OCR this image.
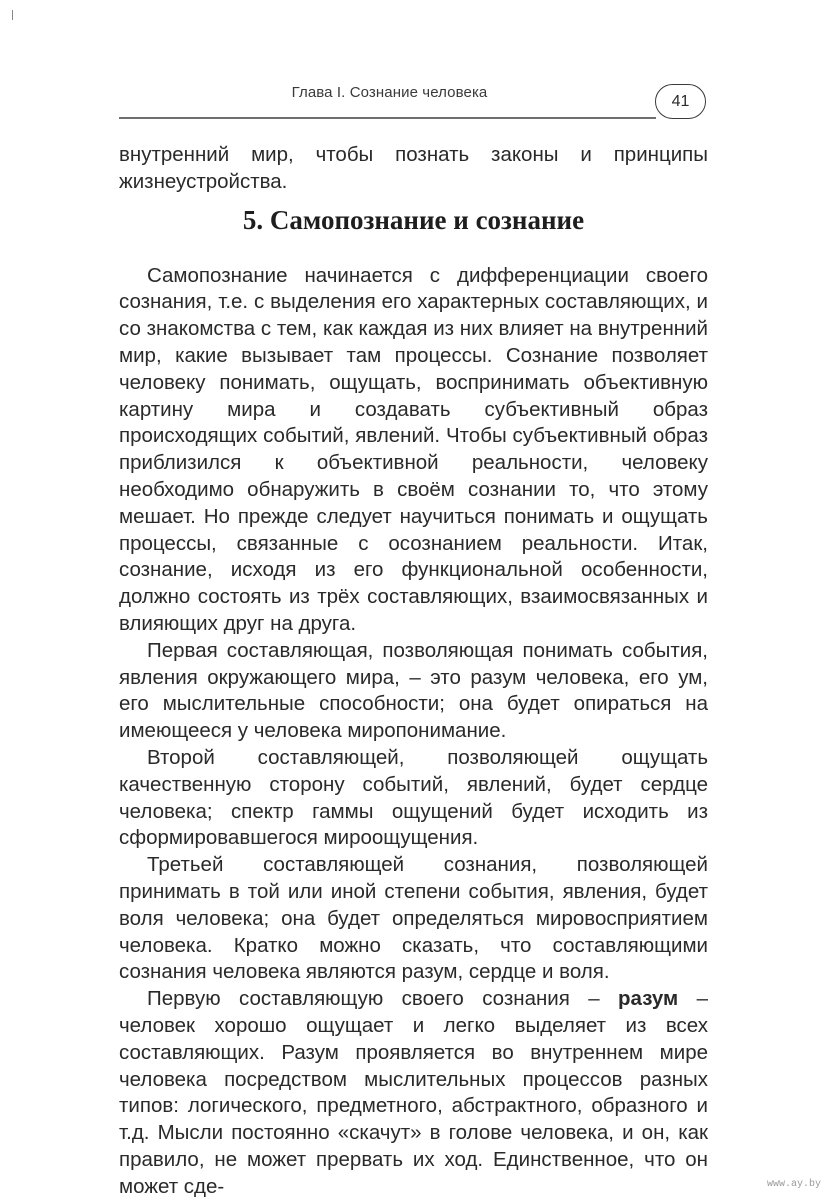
Глава I. Сознание человека	41

внутренний мир, чтобы познать законы и принципы жизнеустройства.

5. Самопознание и сознание

Самопознание начинается с дифференциации своего сознания, т.е. с выделения его характерных составляющих, и со знакомства с тем, как каждая из них влияет на внутренний мир, какие вызывает там процессы. Сознание позволяет человеку понимать, ощущать, воспринимать объективную картину мира и создавать субъективный образ происходящих событий, явлений. Чтобы субъективный образ приблизился к объективной реальности, человеку необходимо обнаружить в своём сознании то, что этому мешает. Но прежде следует научиться понимать и ощущать процессы, связанные с осознанием реальности. Итак, сознание, исходя из его функциональной особенности, должно состоять из трёх составляющих, взаимосвязанных и влияющих друг на друга.

Первая составляющая, позволяющая понимать события, явления окружающего мира, – это разум человека, его ум, его мыслительные способности; она будет опираться на имеющееся у человека миропонимание.

Второй составляющей, позволяющей ощущать качественную сторону событий, явлений, будет сердце человека; спектр гаммы ощущений будет исходить из сформировавшегося мироощущения.

Третьей составляющей сознания, позволяющей принимать в той или иной степени события, явления, будет воля человека; она будет определяться мировосприятием человека. Кратко можно сказать, что составляющими сознания человека являются разум, сердце и воля.

Первую составляющую своего сознания – разум – человек хорошо ощущает и легко выделяет из всех составляющих. Разум проявляется во внутреннем мире человека посредством мыслительных процессов разных типов: логического, предметного, абстрактного, образного и т.д. Мысли постоянно «скачут» в голове человека, и он, как правило, не может прервать их ход. Единственное, что он может сде-	www.ay.by
